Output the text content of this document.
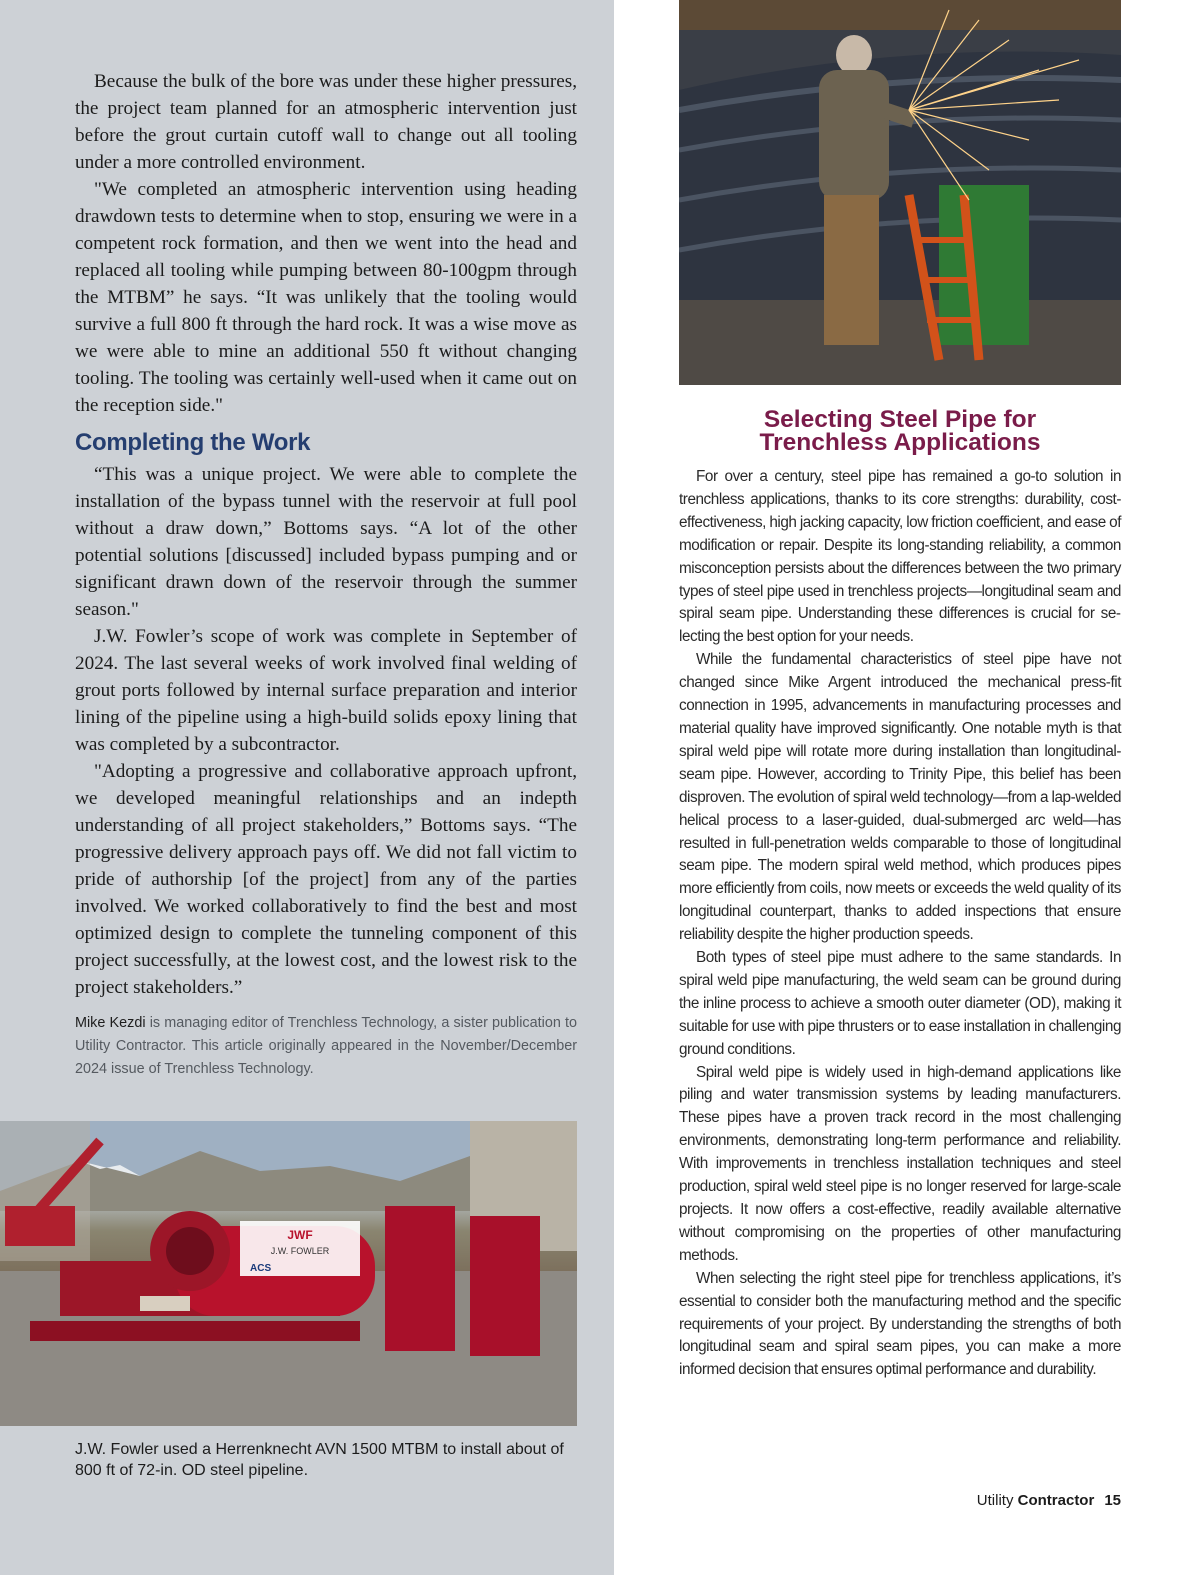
Because the bulk of the bore was under these higher pressures, the project team planned for an atmospheric intervention just before the grout curtain cutoff wall to change out all tooling under a more controlled environment.

"We completed an atmospheric intervention using heading drawdown tests to determine when to stop, ensuring we were in a competent rock formation, and then we went into the head and replaced all tooling while pumping between 80-100gpm through the MTBM” he says. “It was unlikely that the tooling would survive a full 800 ft through the hard rock. It was a wise move as we were able to mine an additional 550 ft without changing tooling. The tooling was certainly well-used when it came out on the reception side."

Completing the Work

“This was a unique project. We were able to complete the installation of the bypass tunnel with the reservoir at full pool without a draw down,” Bottoms says. “A lot of the other potential solutions [discussed] included bypass pumping and or significant drawn down of the reservoir through the summer season."

J.W. Fowler’s scope of work was complete in September of 2024. The last several weeks of work involved final welding of grout ports followed by internal surface preparation and interior lining of the pipeline using a high-build solids epoxy lining that was completed by a subcontractor.

"Adopting a progressive and collaborative approach upfront, we developed meaningful relationships and an indepth understanding of all project stakeholders,” Bottoms says. “The progressive delivery approach pays off. We did not fall victim to pride of authorship [of the project] from any of the parties involved. We worked collaboratively to find the best and most optimized design to complete the tunneling component of this project successfully, at the lowest cost, and the lowest risk to the project stakeholders.”

Mike Kezdi is managing editor of Trenchless Technology, a sister publication to Utility Contractor. This article originally appeared in the November/December 2024 issue of Trenchless Technology.

JWF
J.W. FOWLER
ACS

J.W. Fowler used a Herrenknecht AVN 1500 MTBM to install about of 800 ft of 72-in. OD steel pipeline.

Selecting Steel Pipe for
Trenchless Applications

For over a century, steel pipe has remained a go-to solution in trenchless applications, thanks to its core strengths: durability, cost-effectiveness, high jacking capacity, low friction coefficient, and ease of modification or repair. Despite its long-standing reliability, a common misconception persists about the differences between the two primary types of steel pipe used in trenchless projects—longitudinal seam and spiral seam pipe. Understanding these differences is crucial for selecting the best option for your needs.

While the fundamental characteristics of steel pipe have not changed since Mike Argent introduced the mechanical press-fit connection in 1995, advancements in manufacturing processes and material quality have improved significantly. One notable myth is that spiral weld pipe will rotate more during installation than longitudinal-seam pipe. However, according to Trinity Pipe, this belief has been disproven. The evolution of spiral weld technology—from a lap-welded helical process to a laser-guided, dual-submerged arc weld—has resulted in full-penetration welds comparable to those of longitudinal seam pipe. The modern spiral weld method, which produces pipes more efficiently from coils, now meets or exceeds the weld quality of its longitudinal counterpart, thanks to added inspections that ensure reliability despite the higher production speeds.

Both types of steel pipe must adhere to the same standards. In spiral weld pipe manufacturing, the weld seam can be ground during the inline process to achieve a smooth outer diameter (OD), making it suitable for use with pipe thrusters or to ease installation in challenging ground conditions.

Spiral weld pipe is widely used in high-demand applications like piling and water transmission systems by leading manufacturers. These pipes have a proven track record in the most challenging environments, demonstrating long-term performance and reliability. With improvements in trenchless installation techniques and steel production, spiral weld steel pipe is no longer reserved for large-scale projects. It now offers a cost-effective, readily available alternative without compromising on the properties of other manufacturing methods.

When selecting the right steel pipe for trenchless applications, it’s essential to consider both the manufacturing method and the specific requirements of your project. By understanding the strengths of both longitudinal seam and spiral seam pipes, you can make a more informed decision that ensures optimal performance and durability.

Utility Contractor 15
